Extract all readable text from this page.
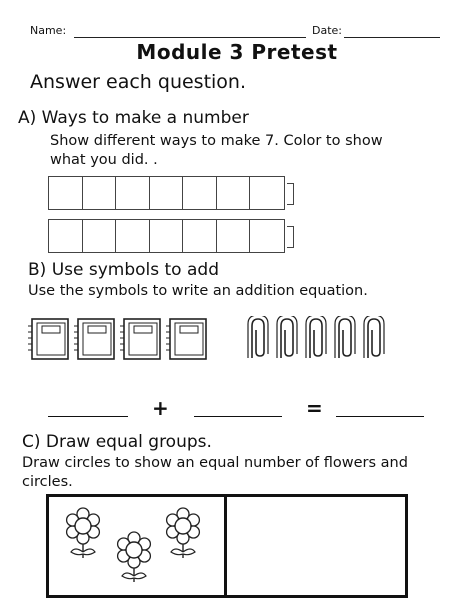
Name:	Date:
Module 3 Pretest
Answer each question.
A) Ways to make a number
Show different ways to make 7. Color to show
what you did. .
B) Use symbols to add
Use the symbols to write an addition equation.
+	=
C) Draw equal groups.
Draw circles to show an equal number of flowers and
circles.
